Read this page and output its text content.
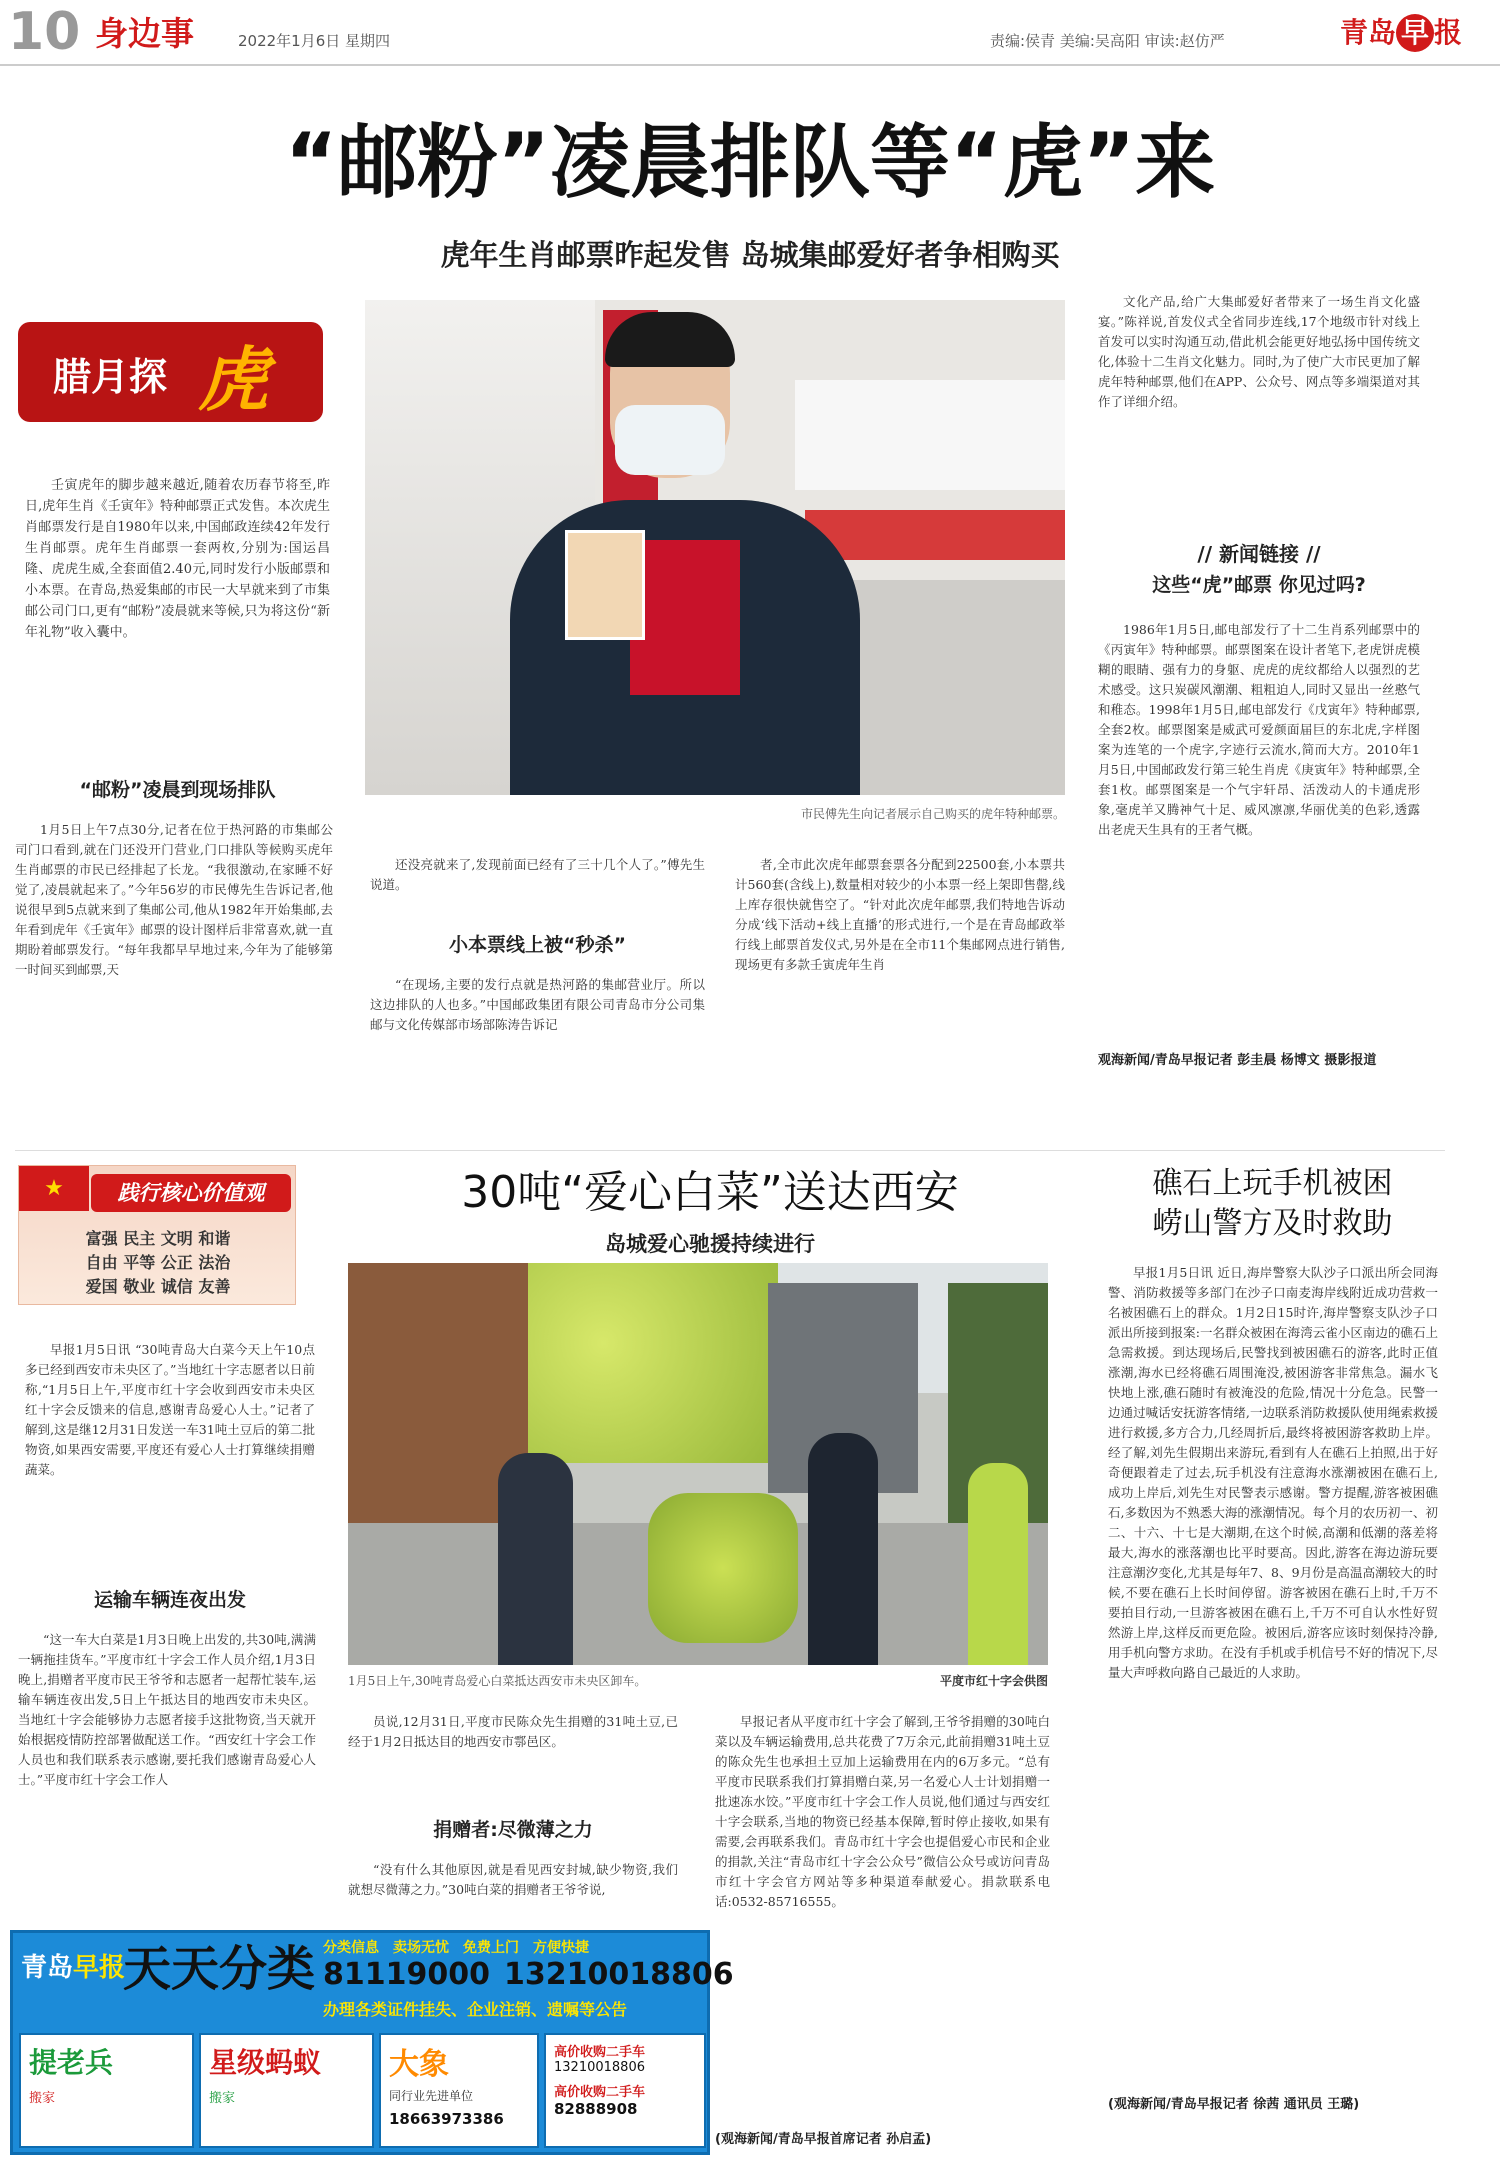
10 身边事	2022年1月6日 星期四	责编:侯青 美编:吴高阳 审读:赵仿严	青岛 早 报
“邮粉”凌晨排队等“虎”来
虎年生肖邮票昨起发售 岛城集邮爱好者争相购买
腊月探 虎

壬寅虎年的脚步越来越近,随着农历春节将至,昨日,虎年生肖《壬寅年》特种邮票正式发售。本次虎生肖邮票发行是自1980年以来,中国邮政连续42年发行生肖邮票。虎年生肖邮票一套两枚,分别为:国运昌隆、虎虎生威,全套面值2.40元,同时发行小版邮票和小本票。在青岛,热爱集邮的市民一大早就来到了市集邮公司门口,更有“邮粉”凌晨就来等候,只为将这份“新年礼物”收入囊中。

“邮粉”凌晨到现场排队

1月5日上午7点30分,记者在位于热河路的市集邮公司门口看到,就在门还没开门营业,门口排队等候购买虎年生肖邮票的市民已经排起了长龙。“我很激动,在家睡不好觉了,凌晨就起来了。”今年56岁的市民傅先生告诉记者,他说很早到5点就来到了集邮公司,他从1982年开始集邮,去年看到虎年《壬寅年》邮票的设计图样后非常喜欢,就一直期盼着邮票发行。“每年我都早早地过来,今年为了能够第一时间买到邮票,天

市民傅先生向记者展示自己购买的虎年特种邮票。

还没亮就来了,发现前面已经有了三十几个人了。”傅先生说道。

小本票线上被“秒杀”

“在现场,主要的发行点就是热河路的集邮营业厅。所以这边排队的人也多。”中国邮政集团有限公司青岛市分公司集邮与文化传媒部市场部陈涛告诉记

者,全市此次虎年邮票套票各分配到22500套,小本票共计560套(含线上),数量相对较少的小本票一经上架即售罄,线上库存很快就售空了。“针对此次虎年邮票,我们特地告诉动分成‘线下活动+线上直播’的形式进行,一个是在青岛邮政举行线上邮票首发仪式,另外是在全市11个集邮网点进行销售,现场更有多款壬寅虎年生肖

文化产品,给广大集邮爱好者带来了一场生肖文化盛宴。”陈祥说,首发仪式全省同步连线,17个地级市针对线上首发可以实时沟通互动,借此机会能更好地弘扬中国传统文化,体验十二生肖文化魅力。同时,为了使广大市民更加了解虎年特种邮票,他们在APP、公众号、网点等多端渠道对其作了详细介绍。

// 新闻链接 //
这些“虎”邮票 你见过吗?

1986年1月5日,邮电部发行了十二生肖系列邮票中的《丙寅年》特种邮票。邮票图案在设计者笔下,老虎饼虎模糊的眼睛、强有力的身躯、虎虎的虎纹都给人以强烈的艺术感受。这只炭碳风潮潮、粗粗迫人,同时又显出一丝憨气和稚态。1998年1月5日,邮电部发行《戊寅年》特种邮票,全套2枚。邮票图案是威武可爱颜面届巨的东北虎,字样图案为连笔的一个虎字,字迹行云流水,简而大方。2010年1月5日,中国邮政发行第三轮生肖虎《庚寅年》特种邮票,全套1枚。邮票图案是一个气宇轩昂、活泼动人的卡通虎形象,毫虎羊又腾神气十足、威风凛凛,华丽优美的色彩,透露出老虎天生具有的王者气概。

观海新闻/青岛早报记者 彭圭晨 杨博文 摄影报道
★	践行核心价值观
富强 民主 文明 和谐
自由 平等 公正 法治
爱国 敬业 诚信 友善
30吨“爱心白菜”送达西安
岛城爱心驰援持续进行

早报1月5日讯 “30吨青岛大白菜今天上午10点多已经到西安市未央区了。”当地红十字志愿者以日前称,“1月5日上午,平度市红十字会收到西安市未央区红十字会反馈来的信息,感谢青岛爱心人士。”记者了解到,这是继12月31日发送一车31吨土豆后的第二批物资,如果西安需要,平度还有爱心人士打算继续捐赠蔬菜。

运输车辆连夜出发

“这一车大白菜是1月3日晚上出发的,共30吨,满满一辆拖挂货车。”平度市红十字会工作人员介绍,1月3日晚上,捐赠者平度市民王爷爷和志愿者一起帮忙装车,运输车辆连夜出发,5日上午抵达目的地西安市未央区。当地红十字会能够协力志愿者接手这批物资,当天就开始根据疫情防控部署做配送工作。“西安红十字会工作人员也和我们联系表示感谢,要托我们感谢青岛爱心人士。”平度市红十字会工作人

1月5日上午,30吨青岛爱心白菜抵达西安市未央区卸车。	平度市红十字会供图

员说,12月31日,平度市民陈众先生捐赠的31吨土豆,已经于1月2日抵达目的地西安市鄠邑区。

捐赠者:尽微薄之力

“没有什么其他原因,就是看见西安封城,缺少物资,我们就想尽微薄之力。”30吨白菜的捐赠者王爷爷说,

早报记者从平度市红十字会了解到,王爷爷捐赠的30吨白菜以及车辆运输费用,总共花费了7万余元,此前捐赠31吨土豆的陈众先生也承担土豆加上运输费用在内的6万多元。“总有平度市民联系我们打算捐赠白菜,另一名爱心人士计划捐赠一批速冻水饺。”平度市红十字会工作人员说,他们通过与西安红十字会联系,当地的物资已经基本保障,暂时停止接收,如果有需要,会再联系我们。青岛市红十字会也提倡爱心市民和企业的捐款,关注“青岛市红十字会公众号”微信公众号或访问青岛市红十字会官方网站等多种渠道奉献爱心。捐款联系电话:0532-85716555。

(观海新闻/青岛早报首席记者 孙启孟)
礁石上玩手机被困
崂山警方及时救助

早报1月5日讯 近日,海岸警察大队沙子口派出所会同海警、消防救援等多部门在沙子口南麦海岸线附近成功营救一名被困礁石上的群众。1月2日15时许,海岸警察支队沙子口派出所接到报案:一名群众被困在海湾云雀小区南边的礁石上急需救援。到达现场后,民警找到被困礁石的游客,此时正值涨潮,海水已经将礁石周围淹没,被困游客非常焦急。漏水飞快地上涨,礁石随时有被淹没的危险,情况十分危急。民警一边通过喊话安抚游客情绪,一边联系消防救援队使用绳索救援进行救援,多方合力,几经周折后,最终将被困游客救助上岸。经了解,刘先生假期出来游玩,看到有人在礁石上拍照,出于好奇便跟着走了过去,玩手机没有注意海水涨潮被困在礁石上,成功上岸后,刘先生对民警表示感谢。警方提醒,游客被困礁石,多数因为不熟悉大海的涨潮情况。每个月的农历初一、初二、十六、十七是大潮期,在这个时候,高潮和低潮的落差将最大,海水的涨落潮也比平时要高。因此,游客在海边游玩要注意潮汐变化,尤其是每年7、8、9月份是高温高潮较大的时候,不要在礁石上长时间停留。游客被困在礁石上时,千万不要拍目行动,一旦游客被困在礁石上,千万不可自认水性好贸然游上岸,这样反而更危险。被困后,游客应该时刻保持冷静,用手机向警方求助。在没有手机或手机信号不好的情况下,尽量大声呼救向路自己最近的人求助。

(观海新闻/青岛早报记者 徐茜 通讯员 王璐)
青岛早报
天天分类 分类信息 卖场无忧 免费上门 方便快捷
81119000 13210018806
办理各类证件挂失、企业注销、遗嘱等公告
提老兵
搬家
星级蚂蚁
搬家
大象
同行业先进单位
18663973386
高价收购二手车
13210018806
高价收购二手车
82888908
